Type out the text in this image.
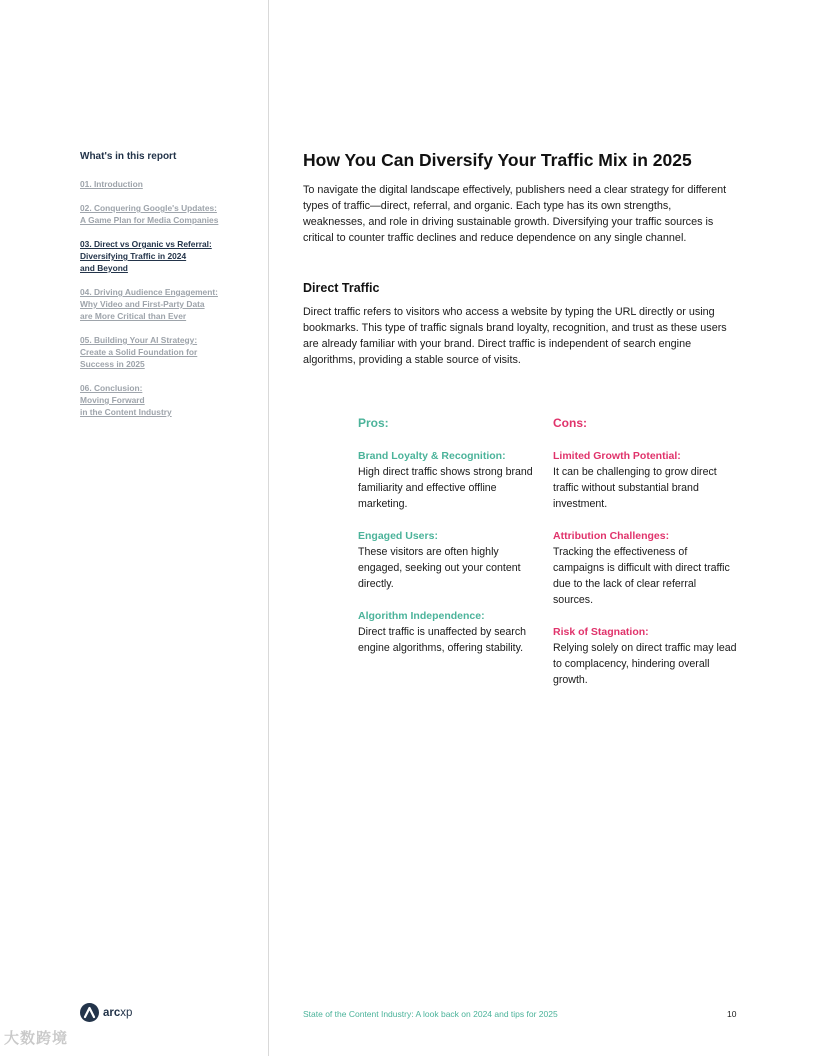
What's in this report
01. Introduction
02. Conquering Google's Updates:
A Game Plan for Media Companies
03. Direct vs Organic vs Referral:
Diversifying Traffic in 2024
and Beyond
04. Driving Audience Engagement:
Why Video and First-Party Data
are More Critical than Ever
05. Building Your AI Strategy:
Create a Solid Foundation for
Success in 2025
06. Conclusion:
Moving Forward
in the Content Industry
How You Can Diversify Your Traffic Mix in 2025

To navigate the digital landscape effectively, publishers need a clear strategy for different types of traffic—direct, referral, and organic. Each type has its own strengths, weaknesses, and role in driving sustainable growth. Diversifying your traffic sources is critical to counter traffic declines and reduce dependence on any single channel.

Direct Traffic

Direct traffic refers to visitors who access a website by typing the URL directly or using bookmarks. This type of traffic signals brand loyalty, recognition, and trust as these users are already familiar with your brand. Direct traffic is independent of search engine algorithms, providing a stable source of visits.

Pros:
Brand Loyalty & Recognition:
High direct traffic shows strong brand familiarity and effective offline marketing.
Engaged Users:
These visitors are often highly engaged, seeking out your content directly.
Algorithm Independence:
Direct traffic is unaffected by search engine algorithms, offering stability.
Cons:
Limited Growth Potential:
It can be challenging to grow direct traffic without substantial brand investment.
Attribution Challenges:
Tracking the effectiveness of campaigns is difficult with direct traffic due to the lack of clear referral sources.
Risk of Stagnation:
Relying solely on direct traffic may lead to complacency, hindering overall growth.
arcxp	State of the Content Industry: A look back on 2024 and tips for 2025	10
大数跨境
